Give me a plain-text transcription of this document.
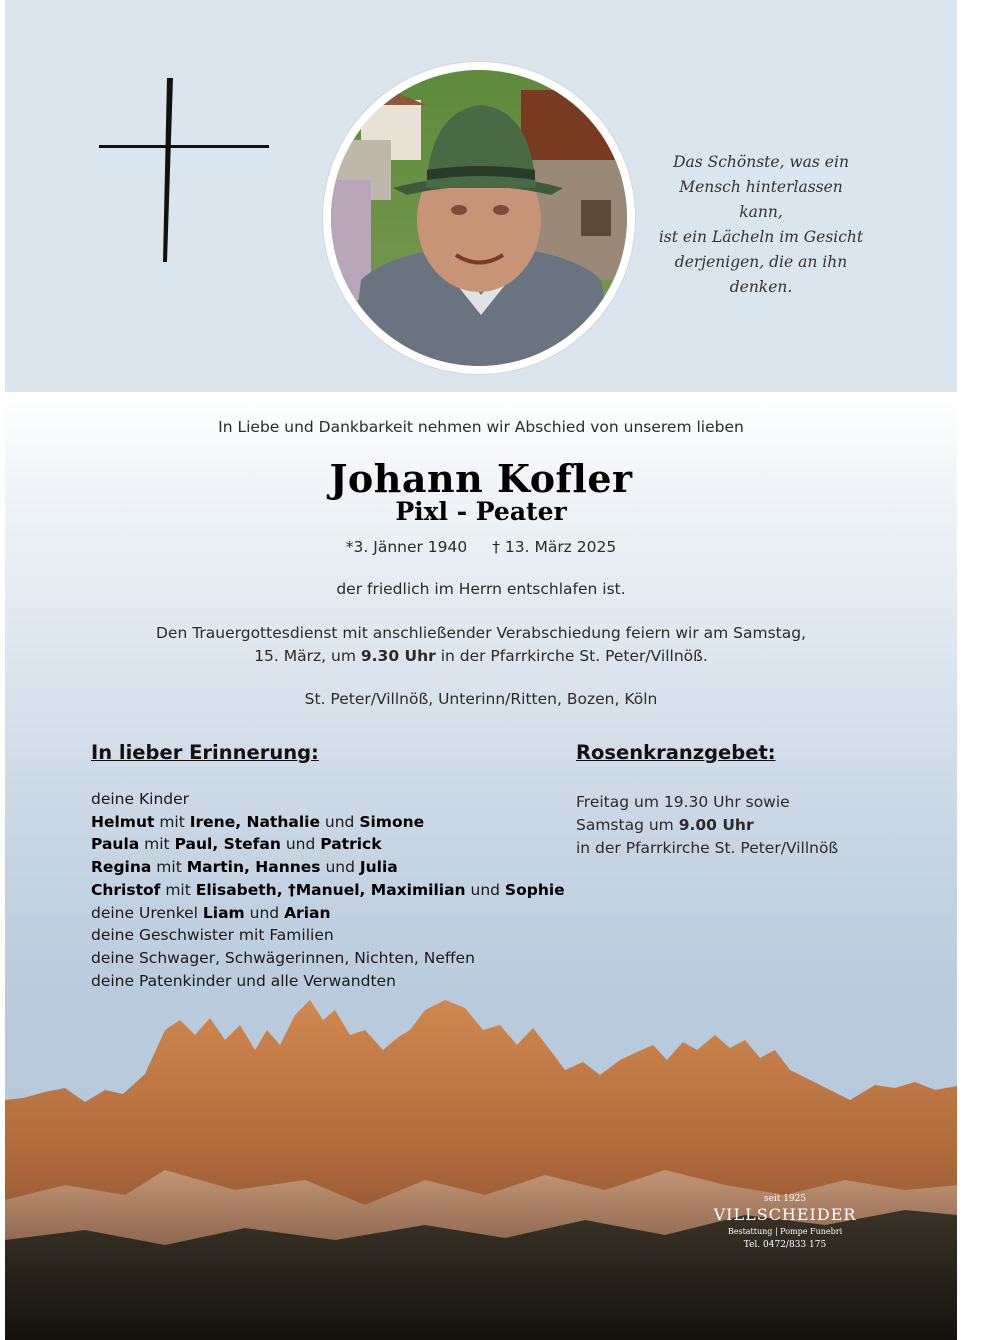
Das Schönste, was ein
Mensch hinterlassen kann,
ist ein Lächeln im Gesicht
derjenigen, die an ihn
denken.
In Liebe und Dankbarkeit nehmen wir Abschied von unserem lieben
Johann Kofler
Pixl - Peater
*3. Jänner 1940 † 13. März 2025
der friedlich im Herrn entschlafen ist.
Den Trauergottesdienst mit anschließender Verabschiedung feiern wir am Samstag,
15. März, um 9.30 Uhr in der Pfarrkirche St. Peter/Villnöß.
St. Peter/Villnöß, Unterinn/Ritten, Bozen, Köln
In lieber Erinnerung:	Rosenkranzgebet:
deine Kinder
Helmut mit Irene, Nathalie und Simone
Paula mit Paul, Stefan und Patrick
Regina mit Martin, Hannes und Julia
Christof mit Elisabeth, †Manuel, Maximilian und Sophie
deine Urenkel Liam und Arian
deine Geschwister mit Familien
deine Schwager, Schwägerinnen, Nichten, Neffen
deine Patenkinder und alle Verwandten
Freitag um 19.30 Uhr sowie
Samstag um 9.00 Uhr
in der Pfarrkirche St. Peter/Villnöß
seit 1925
VILLSCHEIDER
Bestattung | Pompe Funebri
Tel. 0472/833 175
